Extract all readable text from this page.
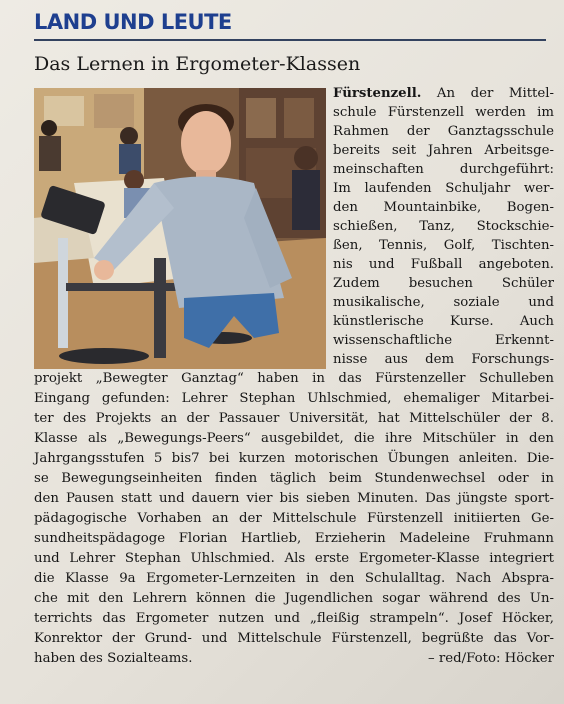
LAND UND LEUTE
Das Lernen in Ergometer-Klassen
Fürstenzell. An der Mittel-
schule Fürstenzell werden im
Rahmen der Ganztagsschule
bereits seit Jahren Arbeitsge-
meinschaften durchgeführt:
Im laufenden Schuljahr wer-
den Mountainbike, Bogen-
schießen, Tanz, Stockschie-
ßen, Tennis, Golf, Tischten-
nis und Fußball angeboten.
Zudem besuchen Schüler
musikalische, soziale und
künstlerische Kurse. Auch
wissenschaftliche Erkennt-
nisse aus dem Forschungs-
projekt „Bewegter Ganztag“ haben in das Fürstenzeller Schulleben
Eingang gefunden: Lehrer Stephan Uhlschmied, ehemaliger Mitarbei-
ter des Projekts an der Passauer Universität, hat Mittelschüler der 8.
Klasse als „Bewegungs-Peers“ ausgebildet, die ihre Mitschüler in den
Jahrgangsstufen 5 bis7 bei kurzen motorischen Übungen anleiten. Die-
se Bewegungseinheiten finden täglich beim Stundenwechsel oder in
den Pausen statt und dauern vier bis sieben Minuten. Das jüngste sport-
pädagogische Vorhaben an der Mittelschule Fürstenzell initiierten Ge-
sundheitspädagoge Florian Hartlieb, Erzieherin Madeleine Fruhmann
und Lehrer Stephan Uhlschmied. Als erste Ergometer-Klasse integriert
die Klasse 9a Ergometer-Lernzeiten in den Schulalltag. Nach Absprа-
che mit den Lehrern können die Jugendlichen sogar während des Un-
terrichts das Ergometer nutzen und „fleißig strampeln“. Josef Höcker,
Konrektor der Grund- und Mittelschule Fürstenzell, begrüßte das Vor-
haben des Sozialteams.	– red/Foto: Höcker
